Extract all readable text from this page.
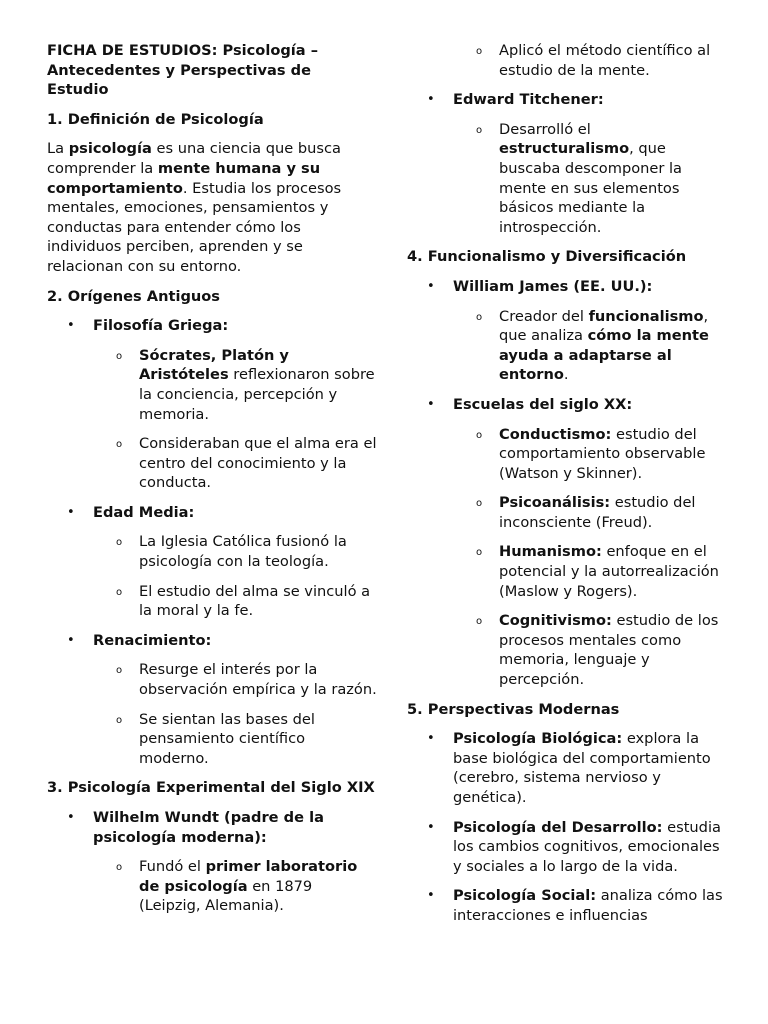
FICHA DE ESTUDIOS: Psicología – Antecedentes y Perspectivas de Estudio
1. Definición de Psicología

La psicología es una ciencia que busca comprender la mente humana y su comportamiento. Estudia los procesos mentales, emociones, pensamientos y conductas para entender cómo los individuos perciben, aprenden y se relacionan con su entorno.

2. Orígenes Antiguos
• Filosofía Griega:
o Sócrates, Platón y Aristóteles reflexionaron sobre la conciencia, percepción y memoria.
o Consideraban que el alma era el centro del conocimiento y la conducta.
• Edad Media:
o La Iglesia Católica fusionó la psicología con la teología.
o El estudio del alma se vinculó a la moral y la fe.
• Renacimiento:
o Resurge el interés por la observación empírica y la razón.
o Se sientan las bases del pensamiento científico moderno.
3. Psicología Experimental del Siglo XIX
• Wilhelm Wundt (padre de la psicología moderna):
o Fundó el primer laboratorio de psicología en 1879 (Leipzig, Alemania).
o Aplicó el método científico al estudio de la mente.
• Edward Titchener:
o Desarrolló el estructuralismo, que buscaba descomponer la mente en sus elementos básicos mediante la introspección.
4. Funcionalismo y Diversificación
• William James (EE. UU.):
o Creador del funcionalismo, que analiza cómo la mente ayuda a adaptarse al entorno.
• Escuelas del siglo XX:
o Conductismo: estudio del comportamiento observable (Watson y Skinner).
o Psicoanálisis: estudio del inconsciente (Freud).
o Humanismo: enfoque en el potencial y la autorrealización (Maslow y Rogers).
o Cognitivismo: estudio de los procesos mentales como memoria, lenguaje y percepción.
5. Perspectivas Modernas
• Psicología Biológica: explora la base biológica del comportamiento (cerebro, sistema nervioso y genética).
• Psicología del Desarrollo: estudia los cambios cognitivos, emocionales y sociales a lo largo de la vida.
• Psicología Social: analiza cómo las interacciones e influencias
